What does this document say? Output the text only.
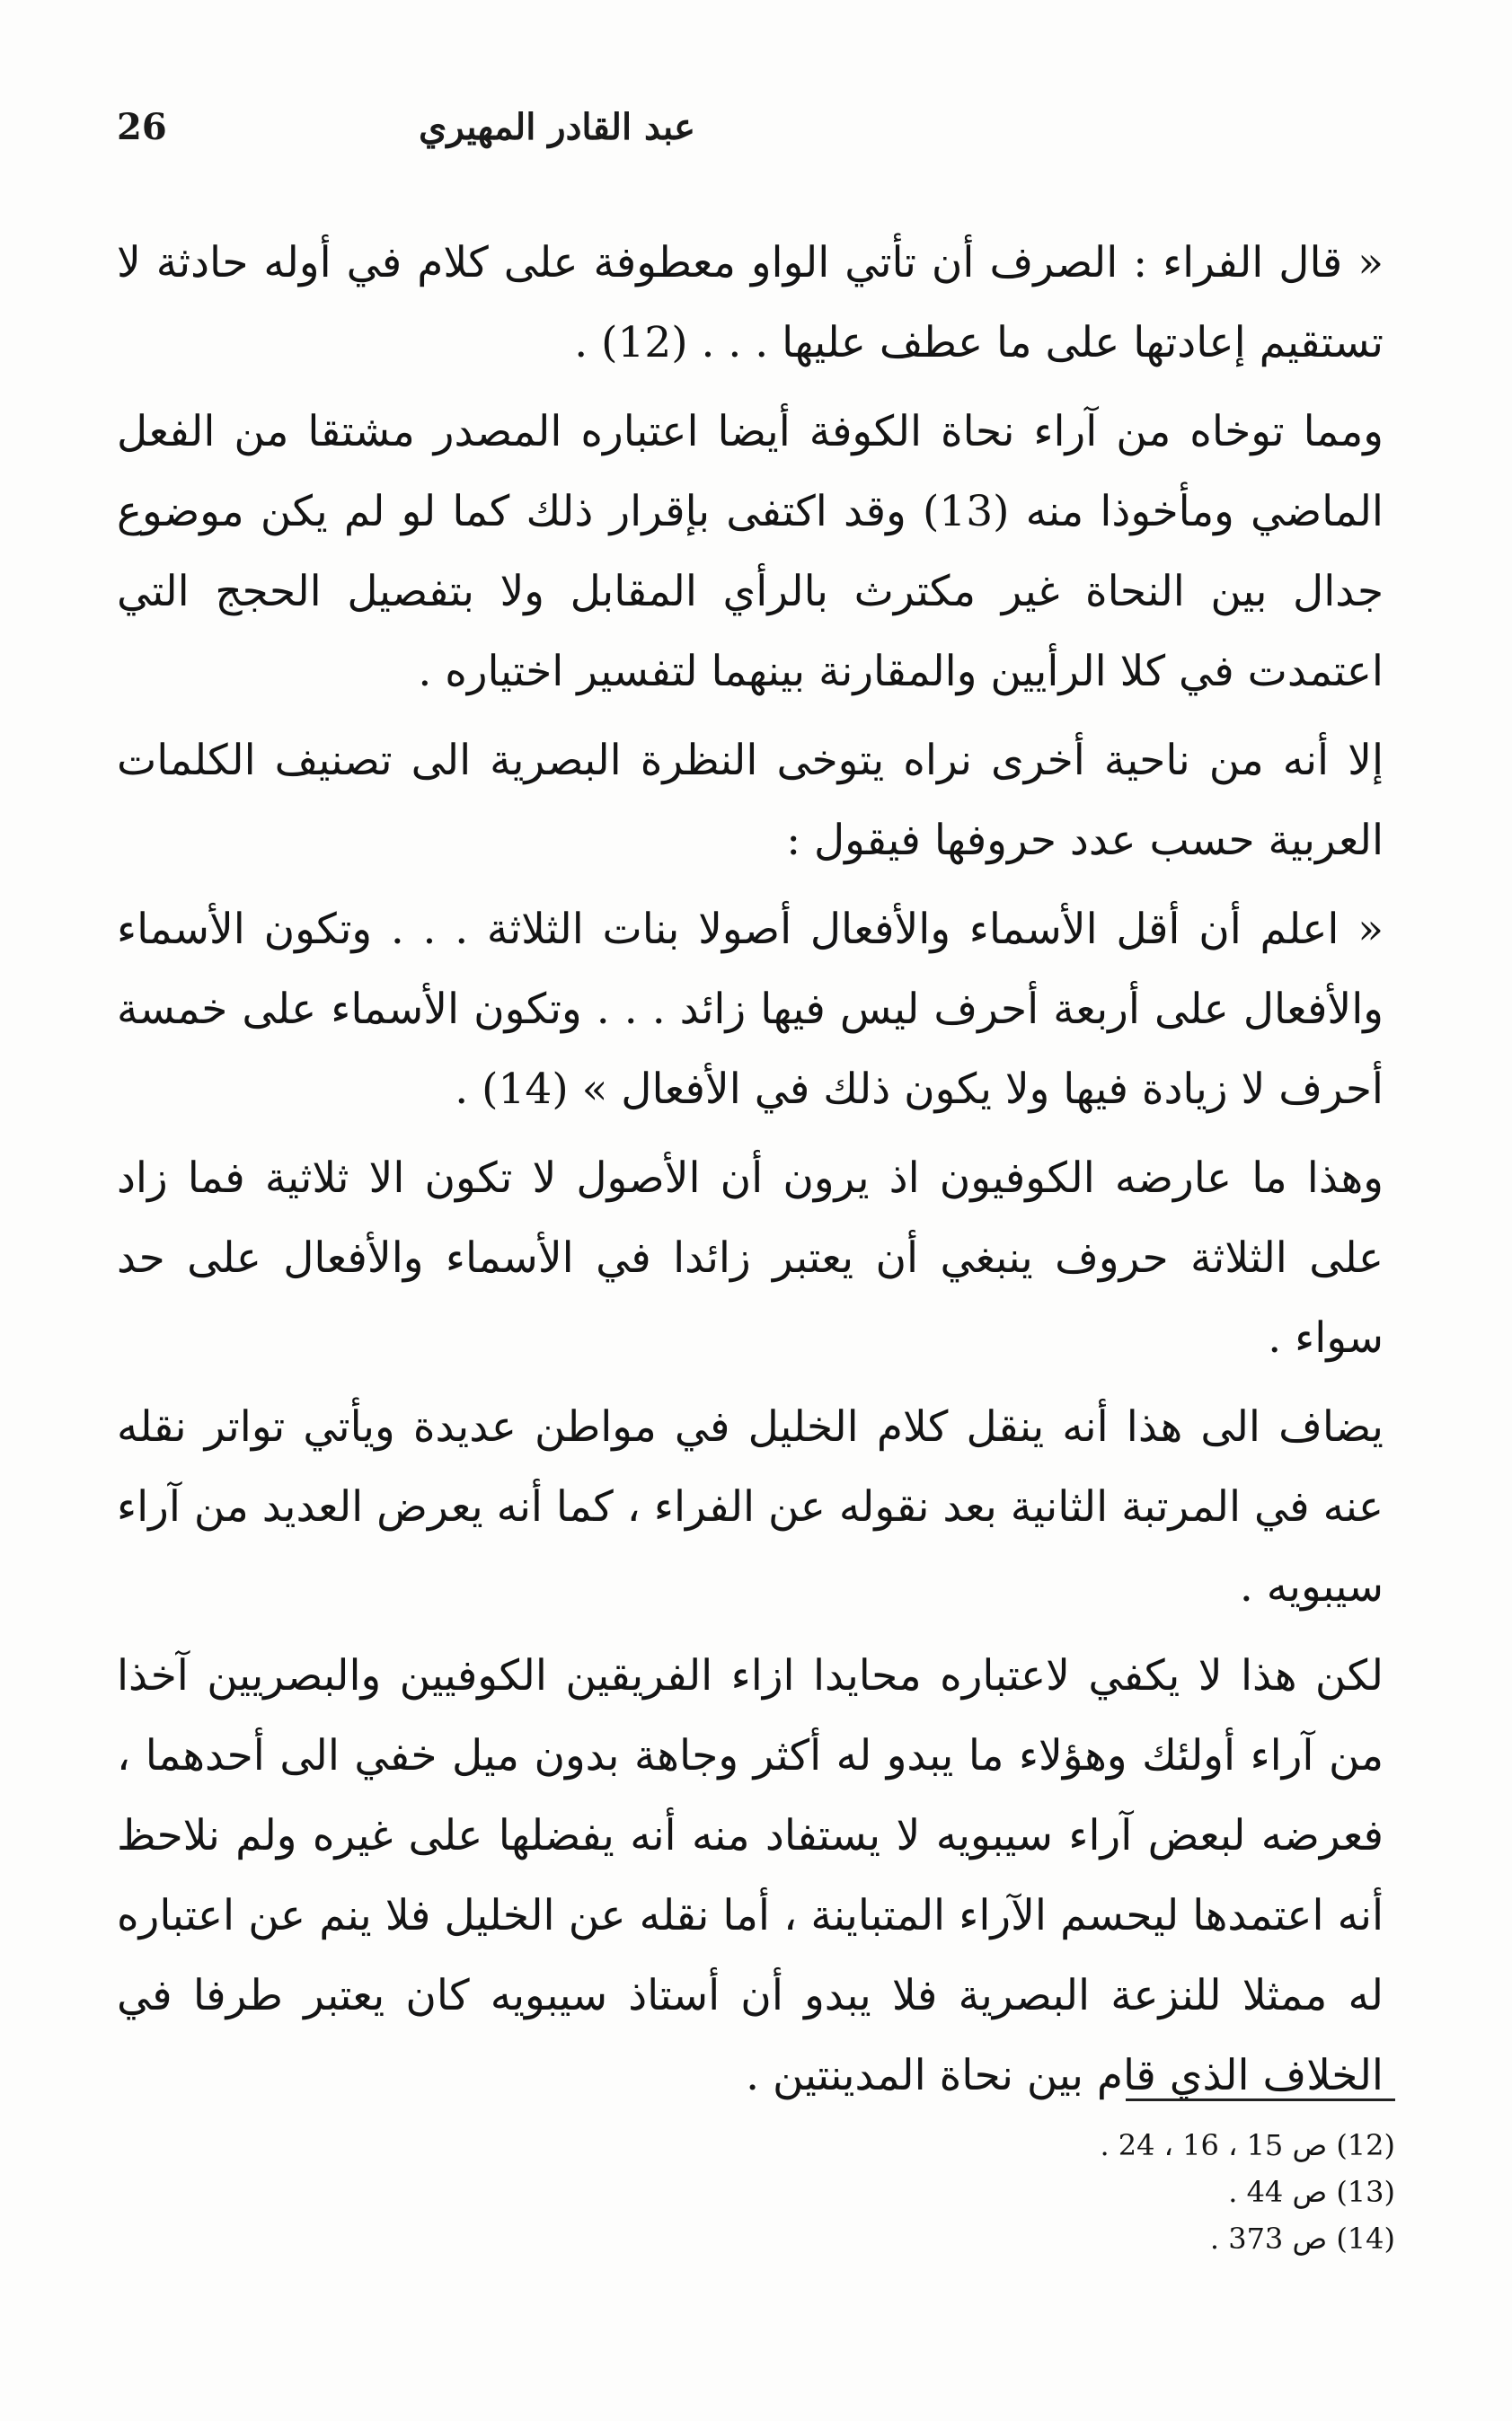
26	عبد القادر المهيري

« قال الفراء : الصرف أن تأتي الواو معطوفة على كلام في أوله حادثة لا تستقيم إعادتها على ما عطف عليها . . . (12) .

ومما توخاه من آراء نحاة الكوفة أيضا اعتباره المصدر مشتقا من الفعل الماضي ومأخوذا منه (13) وقد اكتفى بإقرار ذلك كما لو لم يكن موضوع جدال بين النحاة غير مكترث بالرأي المقابل ولا بتفصيل الحجج التي اعتمدت في كلا الرأيين والمقارنة بينهما لتفسير اختياره .

إلا أنه من ناحية أخرى نراه يتوخى النظرة البصرية الى تصنيف الكلمات العربية حسب عدد حروفها فيقول :

« اعلم أن أقل الأسماء والأفعال أصولا بنات الثلاثة . . . وتكون الأسماء والأفعال على أربعة أحرف ليس فيها زائد . . . وتكون الأسماء على خمسة أحرف لا زيادة فيها ولا يكون ذلك في الأفعال » (14) .

وهذا ما عارضه الكوفيون اذ يرون أن الأصول لا تكون الا ثلاثية فما زاد على الثلاثة حروف ينبغي أن يعتبر زائدا في الأسماء والأفعال على حد سواء .

يضاف الى هذا أنه ينقل كلام الخليل في مواطن عديدة ويأتي تواتر نقله عنه في المرتبة الثانية بعد نقوله عن الفراء ، كما أنه يعرض العديد من آراء سيبويه .

لكن هذا لا يكفي لاعتباره محايدا ازاء الفريقين الكوفيين والبصريين آخذا من آراء أولئك وهؤلاء ما يبدو له أكثر وجاهة بدون ميل خفي الى أحدهما ، فعرضه لبعض آراء سيبويه لا يستفاد منه أنه يفضلها على غيره ولم نلاحظ أنه اعتمدها ليحسم الآراء المتباينة ، أما نقله عن الخليل فلا ينم عن اعتباره له ممثلا للنزعة البصرية فلا يبدو أن أستاذ سيبويه كان يعتبر طرفا في الخلاف الذي قام بين نحاة المدينتين .

(12) ص 15 ، 16 ، 24 .

(13) ص 44 .

(14) ص 373 .
